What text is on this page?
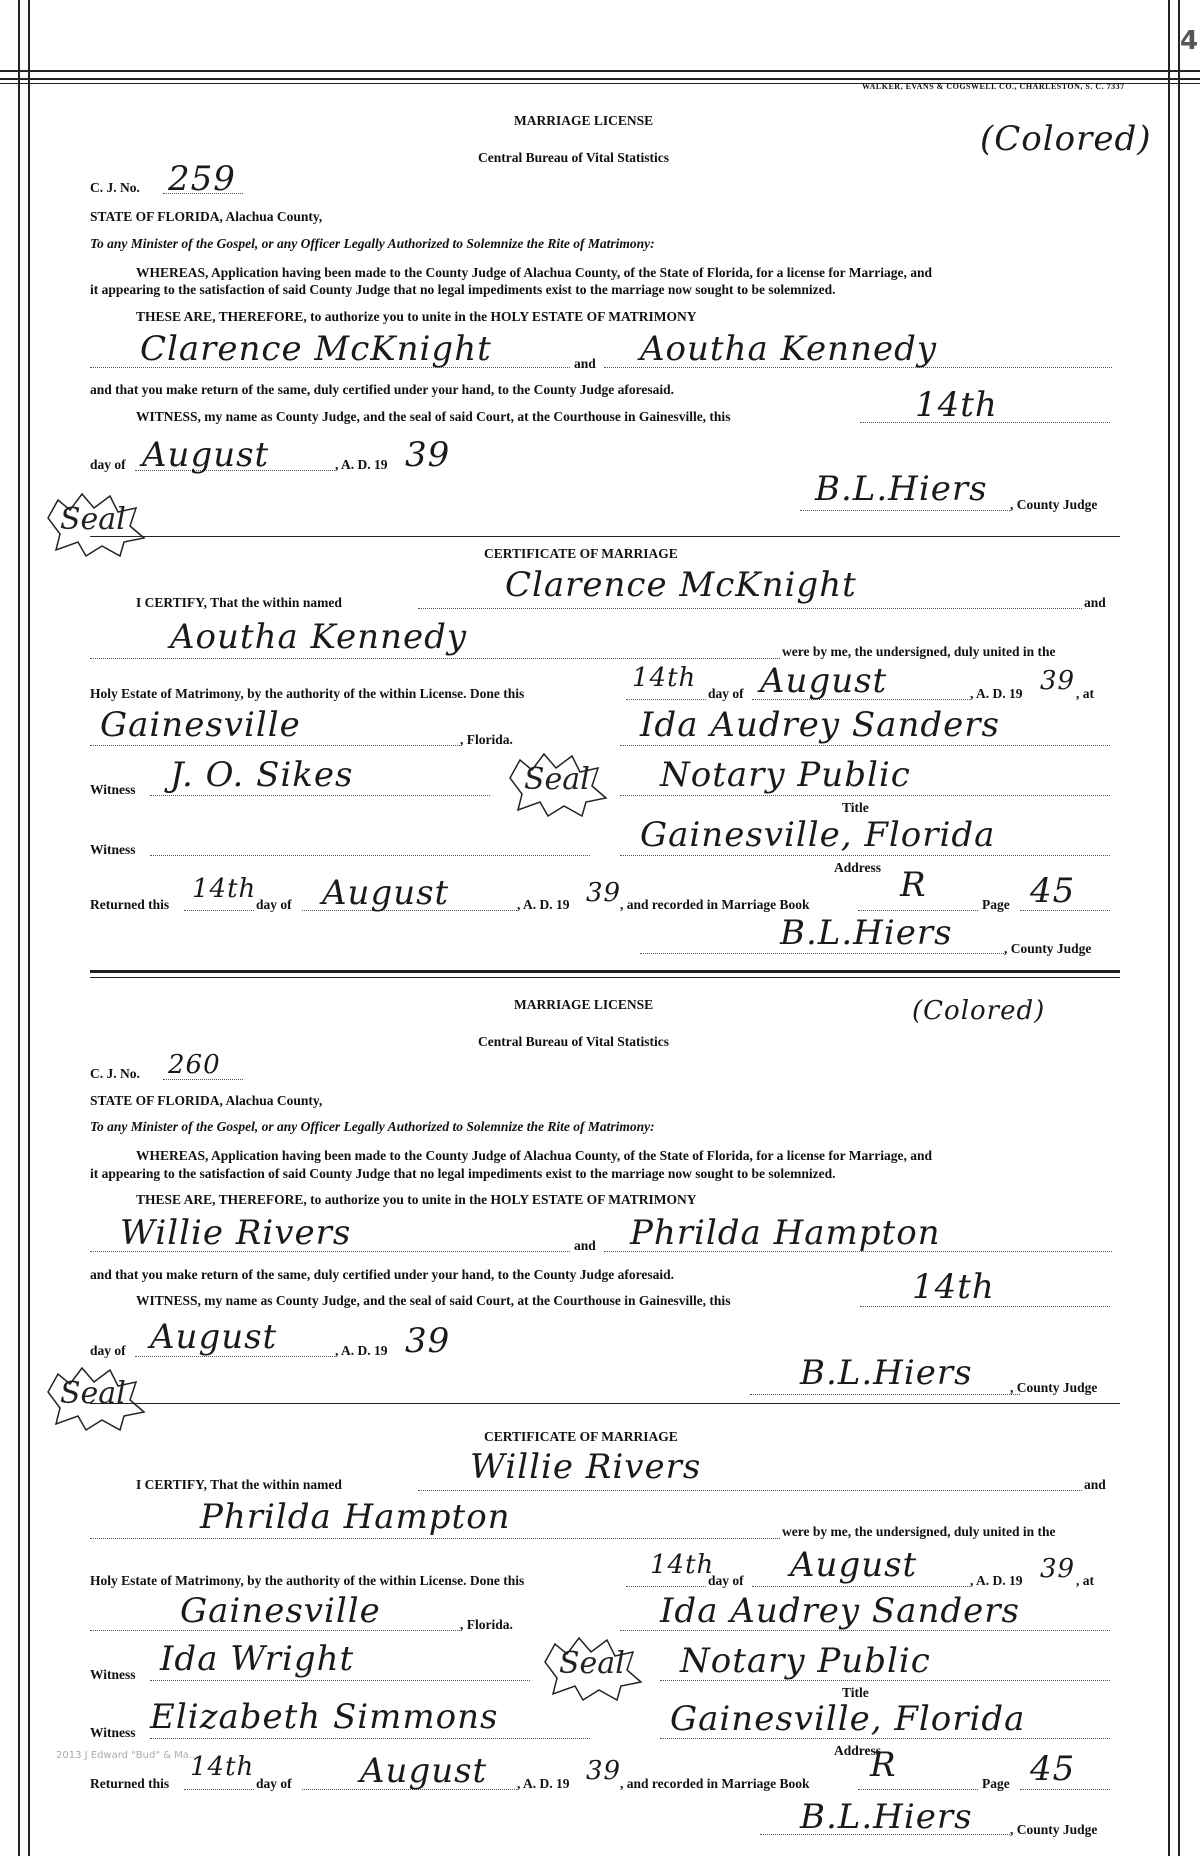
4
WALKER, EVANS & COGSWELL CO., CHARLESTON, S. C. 7337
2013 J Edward "Bud" & Ma...
MARRIAGE LICENSE
Central Bureau of Vital Statistics	(Colored)
C. J. No. 259
STATE OF FLORIDA, Alachua County,
To any Minister of the Gospel, or any Officer Legally Authorized to Solemnize the Rite of Matrimony:
WHEREAS, Application having been made to the County Judge of Alachua County, of the State of Florida, for a license for Marriage, and
it appearing to the satisfaction of said County Judge that no legal impediments exist to the marriage now sought to be solemnized.
THESE ARE, THEREFORE, to authorize you to unite in the HOLY ESTATE OF MATRIMONY
Clarence McKnight	and Aoutha Kennedy
and that you make return of the same, duly certified under your hand, to the County Judge aforesaid.
WITNESS, my name as County Judge, and the seal of said Court, at the Courthouse in Gainesville, this	14th
day of August	, A. D. 19 39
Seal
B.L.Hiers , County Judge
CERTIFICATE OF MARRIAGE
I CERTIFY, That the within named	Clarence McKnight	and
Aoutha Kennedy	were by me, the undersigned, duly united in the
Holy Estate of Matrimony, by the authority of the within License. Done this
14th
day of August	, A. D. 19 39 , at
Gainesville	, Florida.	Ida Audrey Sanders
Witness J. O. Sikes	Seal Notary Public
Title
Witness	Gainesville, Florida
Address
Returned this
14th
day of August	, A. D. 19 39
, and recorded in Marriage Book	R	Page 45
B.L.Hiers	, County Judge
MARRIAGE LICENSE
Central Bureau of Vital Statistics
(Colored)
C. J. No. 260
STATE OF FLORIDA, Alachua County,
To any Minister of the Gospel, or any Officer Legally Authorized to Solemnize the Rite of Matrimony:
WHEREAS, Application having been made to the County Judge of Alachua County, of the State of Florida, for a license for Marriage, and
it appearing to the satisfaction of said County Judge that no legal impediments exist to the marriage now sought to be solemnized.
THESE ARE, THEREFORE, to authorize you to unite in the HOLY ESTATE OF MATRIMONY
Willie Rivers	and Phrilda Hampton
and that you make return of the same, duly certified under your hand, to the County Judge aforesaid.
WITNESS, my name as County Judge, and the seal of said Court, at the Courthouse in Gainesville, this	14th
day of August	, A. D. 19 39
Seal
B.L.Hiers	, County Judge
CERTIFICATE OF MARRIAGE
I CERTIFY, That the within named	Willie Rivers	and
Phrilda Hampton	were by me, the undersigned, duly united in the
Holy Estate of Matrimony, by the authority of the within License. Done this
14th
day of August	, A. D. 19 39 , at
Gainesville	, Florida.	Ida Audrey Sanders
Witness Ida Wright	Seal Notary Public
Title
Witness Elizabeth Simmons	Gainesville, Florida
Address
Returned this
14th
day of August , A. D. 19 39
, and recorded in Marriage Book R	Page 45
B.L.Hiers	, County Judge
